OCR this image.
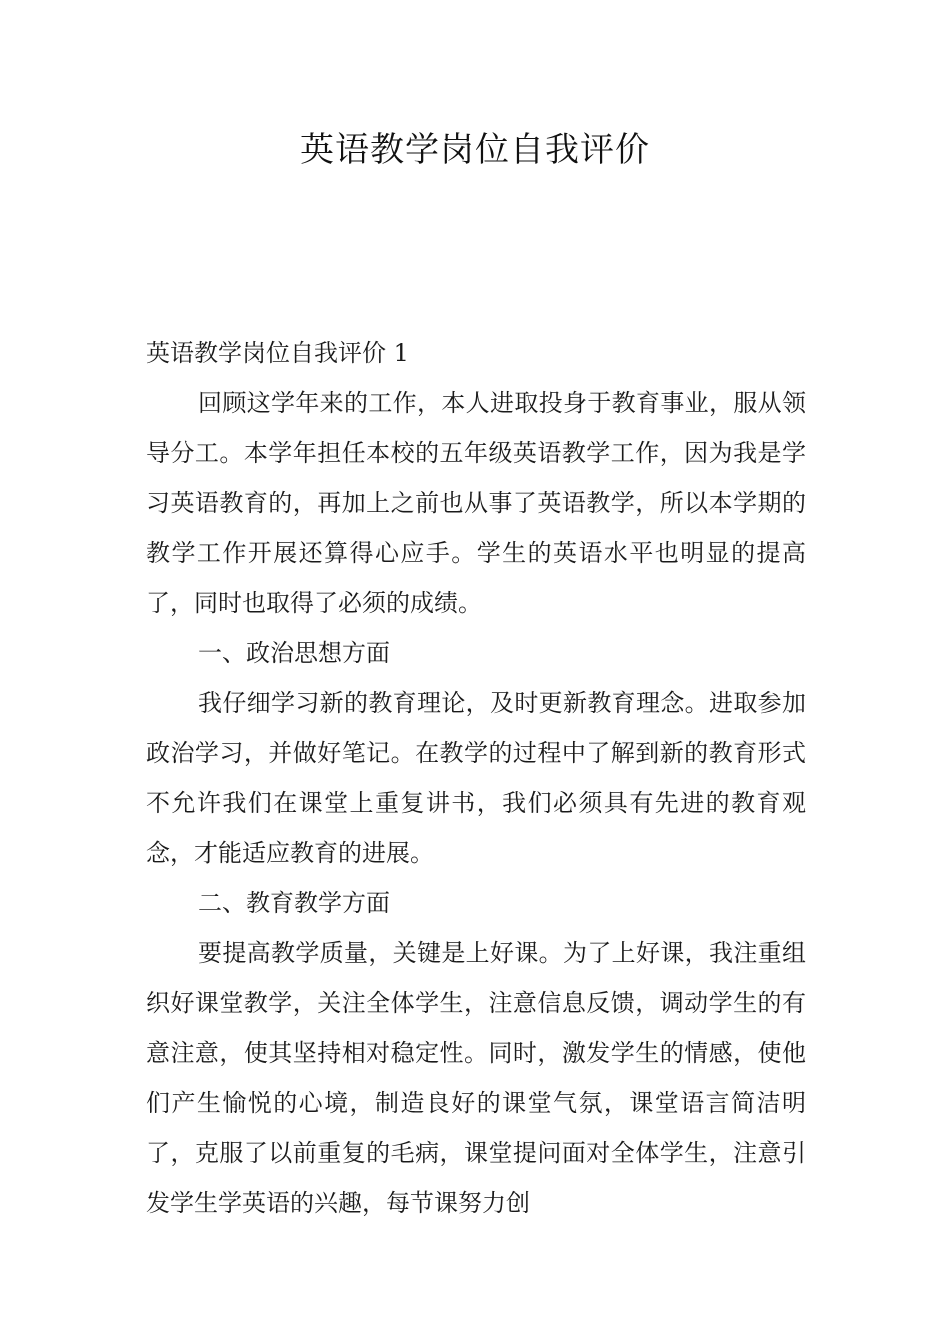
英语教学岗位自我评价

英语教学岗位自我评价 1

回顾这学年来的工作，本人进取投身于教育事业，服从领导分工。本学年担任本校的五年级英语教学工作，因为我是学习英语教育的，再加上之前也从事了英语教学，所以本学期的教学工作开展还算得心应手。学生的英语水平也明显的提高了，同时也取得了必须的成绩。

一、政治思想方面

我仔细学习新的教育理论，及时更新教育理念。进取参加政治学习，并做好笔记。在教学的过程中了解到新的教育形式不允许我们在课堂上重复讲书，我们必须具有先进的教育观念，才能适应教育的进展。

二、教育教学方面

要提高教学质量，关键是上好课。为了上好课，我注重组织好课堂教学，关注全体学生，注意信息反馈，调动学生的有意注意，使其坚持相对稳定性。同时，激发学生的情感，使他们产生愉悦的心境，制造良好的课堂气氛，课堂语言简洁明了，克服了以前重复的毛病，课堂提问面对全体学生，注意引发学生学英语的兴趣，每节课努力创
